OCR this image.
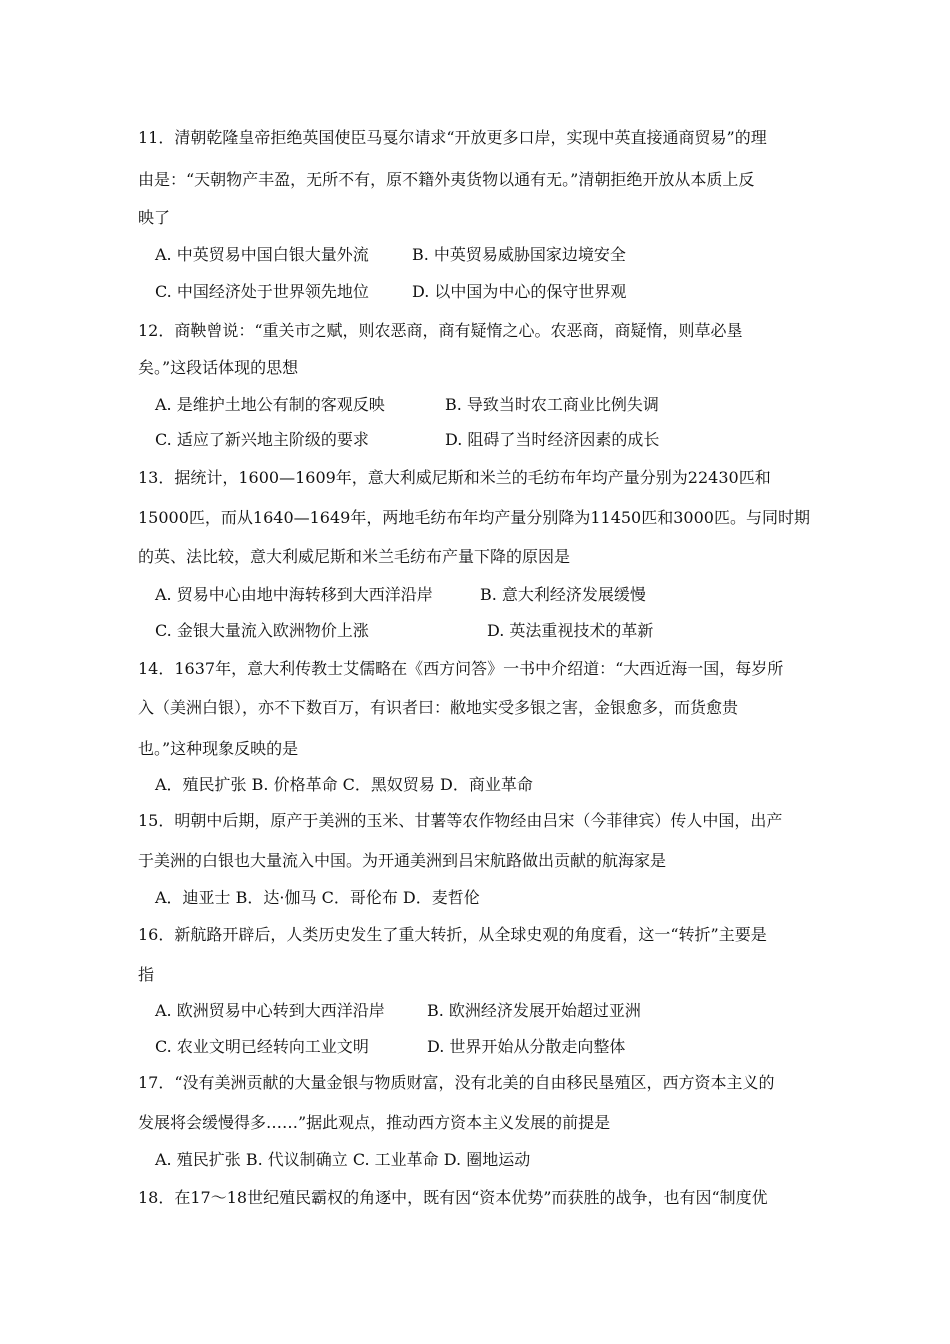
11．清朝乾隆皇帝拒绝英国使臣马戛尔请求“开放更多口岸，实现中英直接通商贸易”的理
由是：“天朝物产丰盈，无所不有，原不籍外夷货物以通有无。”清朝拒绝开放从本质上反
映了
A. 中英贸易中国白银大量外流	B. 中英贸易威胁国家边境安全
C. 中国经济处于世界领先地位	D. 以中国为中心的保守世界观
12．商鞅曾说：“重关市之赋，则农恶商，商有疑惰之心。农恶商，商疑惰，则草必垦
矣。”这段话体现的思想
A. 是维护土地公有制的客观反映	B. 导致当时农工商业比例失调
C. 适应了新兴地主阶级的要求	D. 阻碍了当时经济因素的成长
13．据统计，1600—1609年，意大利威尼斯和米兰的毛纺布年均产量分别为22430匹和
15000匹，而从1640—1649年，两地毛纺布年均产量分别降为11450匹和3000匹。与同时期
的英、法比较，意大利威尼斯和米兰毛纺布产量下降的原因是
A. 贸易中心由地中海转移到大西洋沿岸	B. 意大利经济发展缓慢
C. 金银大量流入欧洲物价上涨	D. 英法重视技术的革新
14．1637年，意大利传教士艾儒略在《西方问答》一书中介绍道：“大西近海一国，每岁所
入（美洲白银），亦不下数百万，有识者曰：敝地实受多银之害，金银愈多，而货愈贵
也。”这种现象反映的是
A．殖民扩张 B. 价格革命 C．黑奴贸易 D．商业革命
15．明朝中后期，原产于美洲的玉米、甘薯等农作物经由吕宋（今菲律宾）传人中国，出产
于美洲的白银也大量流入中国。为开通美洲到吕宋航路做出贡献的航海家是
A．迪亚士 B．达·伽马 C．哥伦布 D．麦哲伦
16．新航路开辟后，人类历史发生了重大转折，从全球史观的角度看，这一“转折”主要是
指
A. 欧洲贸易中心转到大西洋沿岸	B. 欧洲经济发展开始超过亚洲
C. 农业文明已经转向工业文明	D. 世界开始从分散走向整体
17．“没有美洲贡献的大量金银与物质财富，没有北美的自由移民垦殖区，西方资本主义的
发展将会缓慢得多……”据此观点，推动西方资本主义发展的前提是
A. 殖民扩张 B. 代议制确立 C. 工业革命 D. 圈地运动
18．在17～18世纪殖民霸权的角逐中，既有因“资本优势”而获胜的战争，也有因“制度优
